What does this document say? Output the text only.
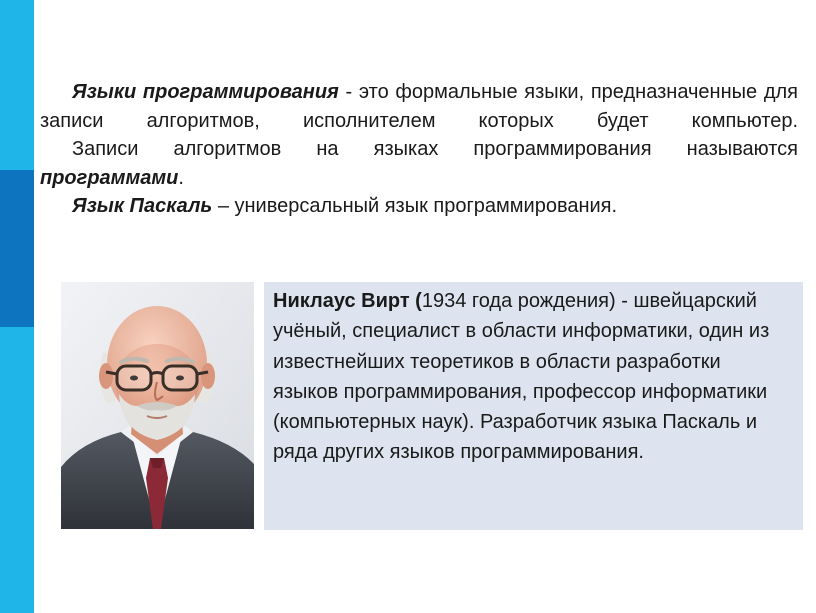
Языки программирования - это формальные языки, предназначенные для записи алгоритмов, исполнителем которых будет компьютер.

Записи алгоритмов на языках программирования называются программами.

Язык Паскаль – универсальный язык программирования.

Никлаус Вирт (1934 года рождения) - швейцарский учёный, специалист в области информатики, один из известнейших теоретиков в области разработки языков программирования, профессор информатики (компьютерных наук). Разработчик языка Паскаль и ряда других языков программирования.
